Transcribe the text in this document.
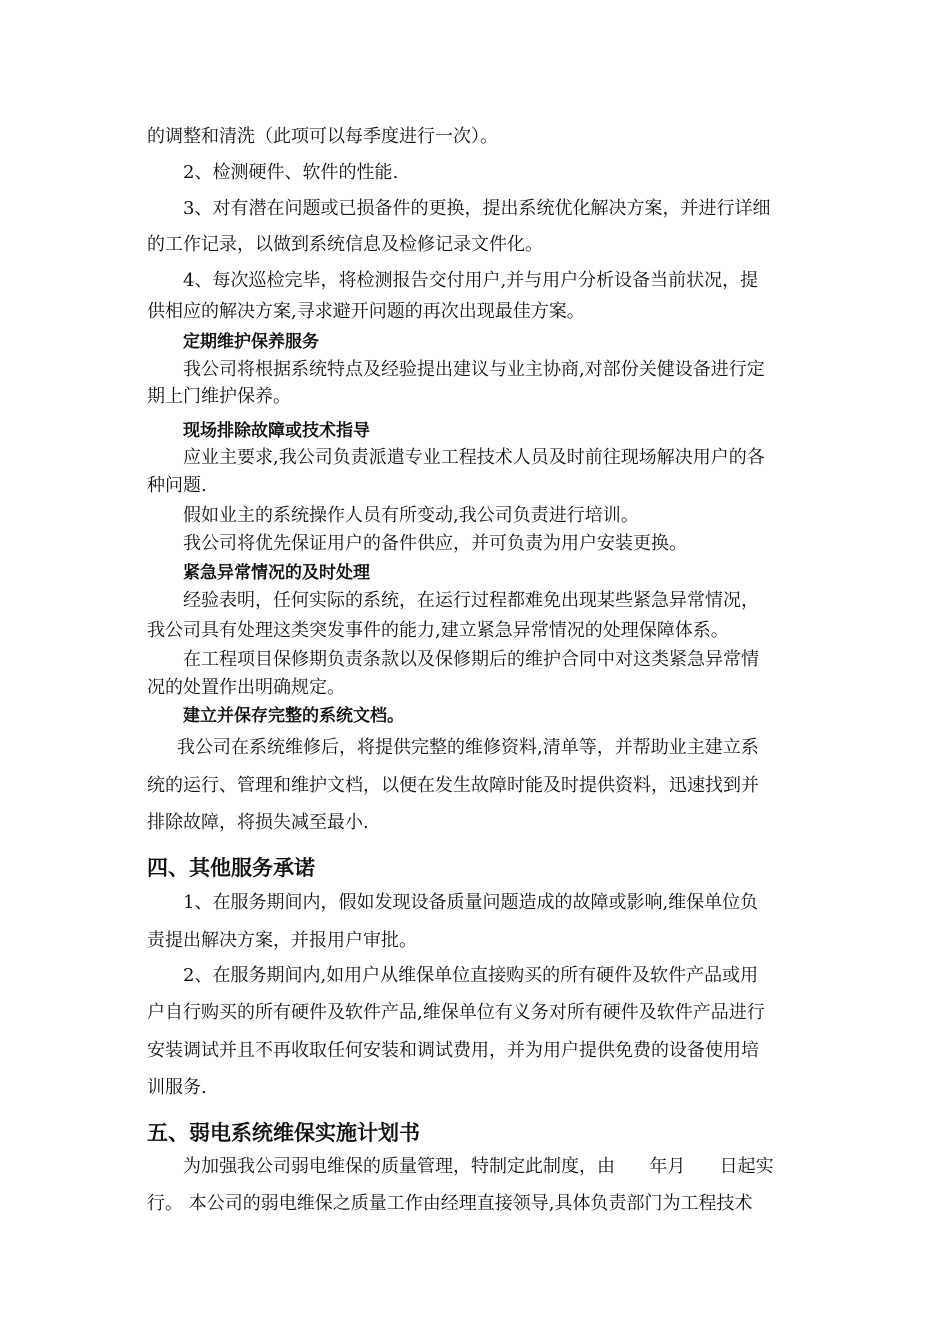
的调整和清洗（此项可以每季度进行一次）。
2、检测硬件、软件的性能.
3、对有潜在问题或已损备件的更换，提出系统优化解决方案，并进行详细
的工作记录，以做到系统信息及检修记录文件化。
4、每次巡检完毕，将检测报告交付用户,并与用户分析设备当前状况，提
供相应的解决方案,寻求避开问题的再次出现最佳方案。
定期维护保养服务
我公司将根据系统特点及经验提出建议与业主协商,对部份关健设备进行定
期上门维护保养。
现场排除故障或技术指导
应业主要求,我公司负责派遣专业工程技术人员及时前往现场解决用户的各
种问题.
假如业主的系统操作人员有所变动,我公司负责进行培训。
我公司将优先保证用户的备件供应，并可负责为用户安装更换。
紧急异常情况的及时处理
经验表明，任何实际的系统，在运行过程都难免出现某些紧急异常情况，
我公司具有处理这类突发事件的能力,建立紧急异常情况的处理保障体系。
在工程项目保修期负责条款以及保修期后的维护合同中对这类紧急异常情
况的处置作出明确规定。
建立并保存完整的系统文档。
我公司在系统维修后，将提供完整的维修资料,清单等，并帮助业主建立系
统的运行、管理和维护文档，以便在发生故障时能及时提供资料，迅速找到并
排除故障，将损失减至最小.
四、其他服务承诺
1、在服务期间内，假如发现设备质量问题造成的故障或影响,维保单位负
责提出解决方案，并报用户审批。
2、在服务期间内,如用户从维保单位直接购买的所有硬件及软件产品或用
户自行购买的所有硬件及软件产品,维保单位有义务对所有硬件及软件产品进行
安装调试并且不再收取任何安装和调试费用，并为用户提供免费的设备使用培
训服务.
五、弱电系统维保实施计划书
为加强我公司弱电维保的质量管理，特制定此制度，由      年月      日起实
行。 本公司的弱电维保之质量工作由经理直接领导,具体负责部门为工程技术
